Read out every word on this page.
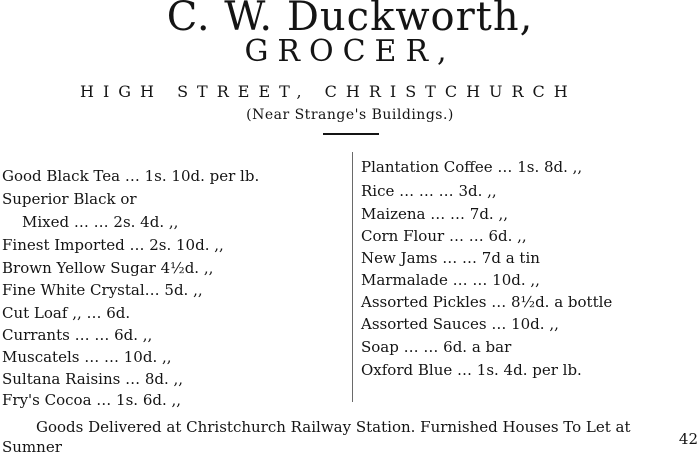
C. W. Duckworth,
GROCER,
HIGH STREET, CHRISTCHURCH
(Near Strange's Buildings.)
Good Black Tea … 1s. 10d. per lb.
Superior Black or
Mixed … … 2s. 4d. ,,
Finest Imported … 2s. 10d. ,,
Brown Yellow Sugar 4½d. ,,
Fine White Crystal… 5d. ,,
Cut Loaf ,, … 6d.
Currants … … 6d. ,,
Muscatels … … 10d. ,,
Sultana Raisins … 8d. ,,
Fry's Cocoa … 1s. 6d. ,,
Plantation Coffee … 1s. 8d. ,,
Rice … … … 3d. ,,
Maizena … … 7d. ,,
Corn Flour … … 6d. ,,
New Jams … … 7d a tin
Marmalade … … 10d. ,,
Assorted Pickles … 8½d. a bottle
Assorted Sauces … 10d. ,,
Soap … … 6d. a bar
Oxford Blue … 1s. 4d. per lb.
Goods Delivered at Christchurch Railway Station. Furnished Houses To Let at
Sumner	42
